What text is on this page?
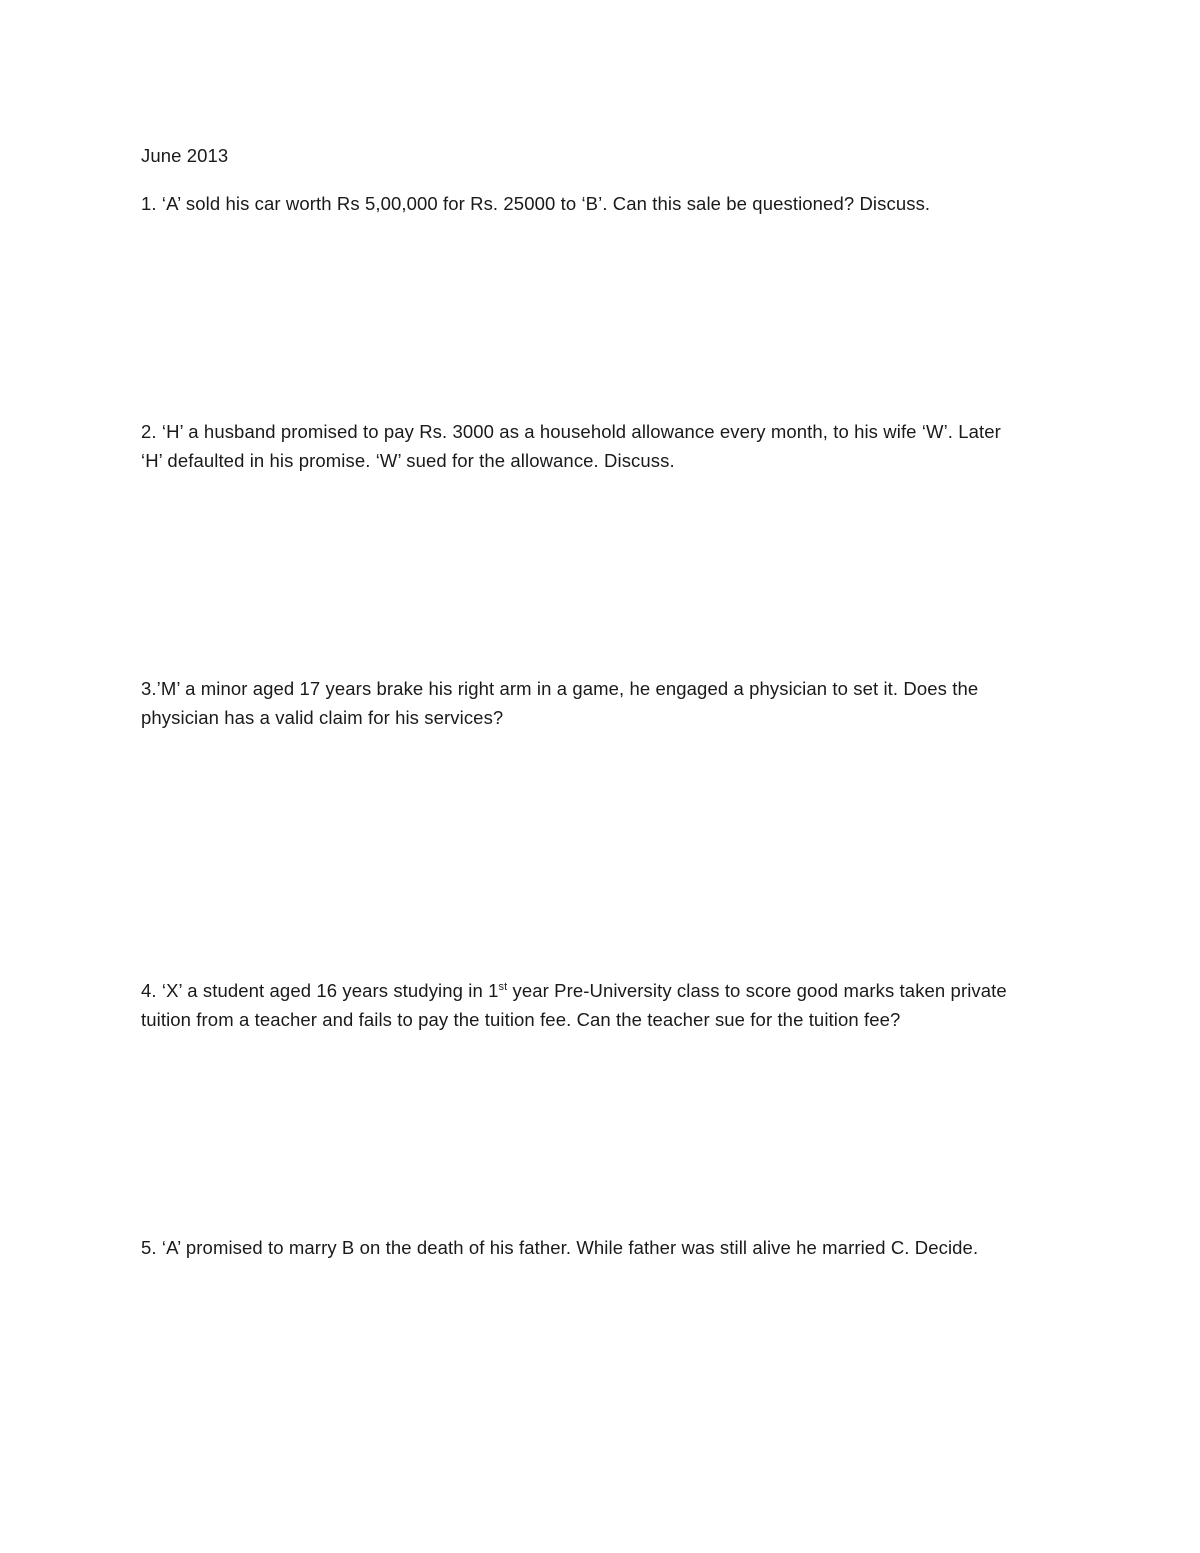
June 2013
1. ‘A’ sold his car worth Rs 5,00,000 for Rs. 25000 to ‘B’. Can this sale be questioned? Discuss.
2. ‘H’ a husband promised to pay Rs. 3000 as a household allowance every month, to his wife ‘W’. Later
‘H’ defaulted in his promise. ‘W’ sued for the allowance. Discuss.
3.’M’ a minor aged 17 years brake his right arm in a game, he engaged a physician to set it. Does the
physician has a valid claim for his services?
4. ‘X’ a student aged 16 years studying in 1st year Pre-University class to score good marks taken private
tuition from a teacher and fails to pay the tuition fee. Can the teacher sue for the tuition fee?
5. ‘A’ promised to marry B on the death of his father. While father was still alive he married C. Decide.
